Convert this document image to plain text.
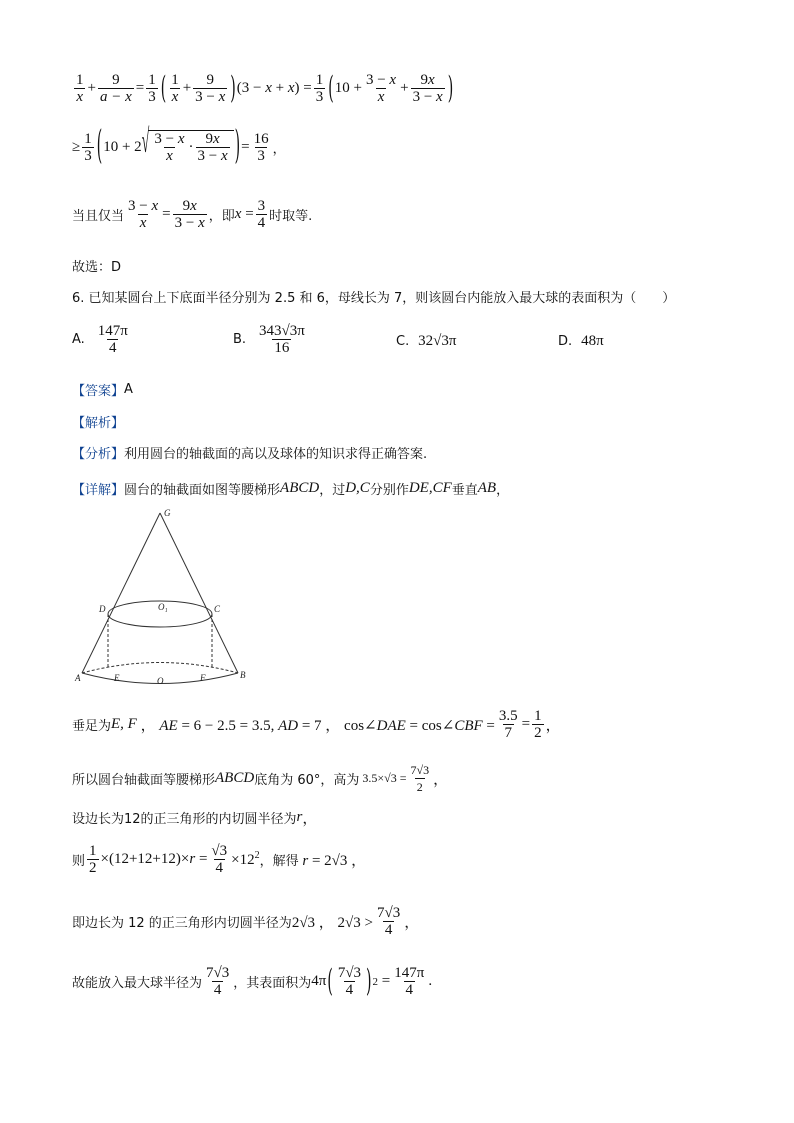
$\frac{1}{x} + \frac{9}{a - x} = \frac{1}{3}$ ( $\frac{1}{x} + \frac{9}{3 - x}$ ) $(3 - x + x) = \frac{1}{3}$ ( $10 + \frac{3 - x}{x} + \frac{9x}{3 - x}$ )
≥ $\frac{1}{3}$ ( 10 + 2 √ $\frac{3 - x}{x} \cdot \frac{9x}{3 - x}$ ) = $\frac{16}{3}$ ，
当且仅当 $\frac{3 - x}{x} = \frac{9x}{3 - x}$ ，即 $x = \frac{3}{4}$ 时取等.
故选：D
6. 已知某圆台上下底面半径分别为 2.5 和 6，母线长为 7，则该圆台内能放入最大球的表面积为（　　）
A.
$\frac{147\pi}{4}$	B.
$\frac{343√3\pi}{16}$	C.
32√3π	D.
48π
【答案】 A
【解析】
【分析】 利用圆台的轴截面的高以及球体的知识求得正确答案.
【详解】 圆台的轴截面如图等腰梯形 ABCD ，过 D,C 分别作 DE,CF 垂直 AB ，
G
D	O₁	C
A	E	O	F	B
垂足为 E, F ， AE = 6 − 2.5 = 3.5, AD = 7 ， cos∠DAE = cos∠CBF = $\frac{3.5}{7} = \frac{1}{2}$ ，
所以圆台轴截面等腰梯形 ABCD 底角为 60°，高为 $3.5\times√3 = \frac{7√3}{2}$ ，
设边长为12的正三角形的内切圆半径为 r ，
则 $\frac{1}{2} \times(12+12+12)\times r = \frac{√3}{4} \times 12^2$ ，解得 r = 2√3 ，
即边长为 12 的正三角形内切圆半径为 2√3 ， $2√3 > \frac{7√3}{4}$ ，
故能放入最大球半径为 $\frac{7√3}{4}$ ，其表面积为 4π ( $\frac{7√3}{4}$ ) $2 = \frac{147\pi}{4}$ .
